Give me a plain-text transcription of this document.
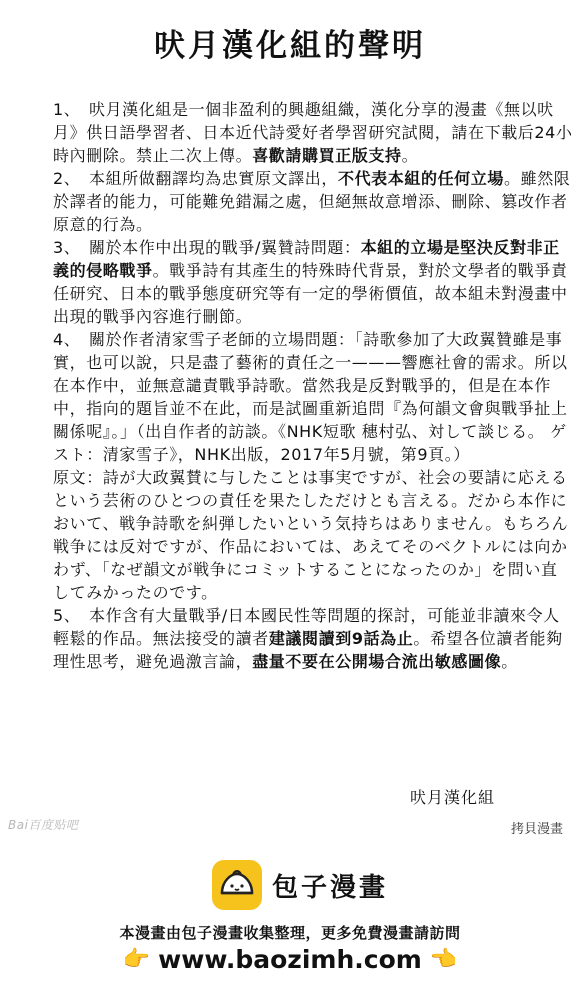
吠月漢化組的聲明

1、　吠月漢化組是一個非盈利的興趣組織，漢化分享的漫畫《無以吠月》供日語學習者、日本近代詩愛好者學習研究試閱，請在下載后24小時內刪除。禁止二次上傳。喜歡請購買正版支持。

2、　本組所做翻譯均為忠實原文譯出，不代表本組的任何立場。雖然限於譯者的能力，可能難免錯漏之處，但絕無故意增添、刪除、篡改作者原意的行為。

3、　關於本作中出現的戰爭/翼贊詩問題：本組的立場是堅決反對非正義的侵略戰爭。戰爭詩有其產生的特殊時代背景，對於文學者的戰爭責任研究、日本的戰爭態度研究等有一定的學術價值，故本組未對漫畫中出現的戰爭內容進行刪節。

4、　關於作者清家雪子老師的立場問題：「詩歌參加了大政翼贊雖是事實，也可以說，只是盡了藝術的責任之一———響應社會的需求。所以在本作中，並無意譴責戰爭詩歌。當然我是反對戰爭的，但是在本作中，指向的題旨並不在此，而是試圖重新追問『為何韻文會與戰爭扯上關係呢』。」（出自作者的訪談。《NHK短歌 穗村弘、対して談じる。 ゲスト：清家雪子》，NHK出版，2017年5月號，第9頁。）

原文：詩が大政翼賛に与したことは事実ですが、社会の要請に応えるという芸術のひとつの責任を果たしただけとも言える。だから本作において、戦争詩歌を糾弾したいという気持ちはありません。もちろん戦争には反対ですが、作品においては、あえてそのベクトルには向かわず、「なぜ韻文が戦争にコミットすることになったのか」を問い直してみかったのです。

5、　本作含有大量戰爭/日本國民性等問題的探討，可能並非讀來令人輕鬆的作品。無法接受的讀者建議閱讀到9話為止。希望各位讀者能夠理性思考，避免過激言論，盡量不要在公開場合流出敏感圖像。

吠月漢化組
Bai百度贴吧	拷貝漫畫
包子漫畫
本漫畫由包子漫畫收集整理，更多免費漫畫請訪問
👉 www.baozimh.com 👈
